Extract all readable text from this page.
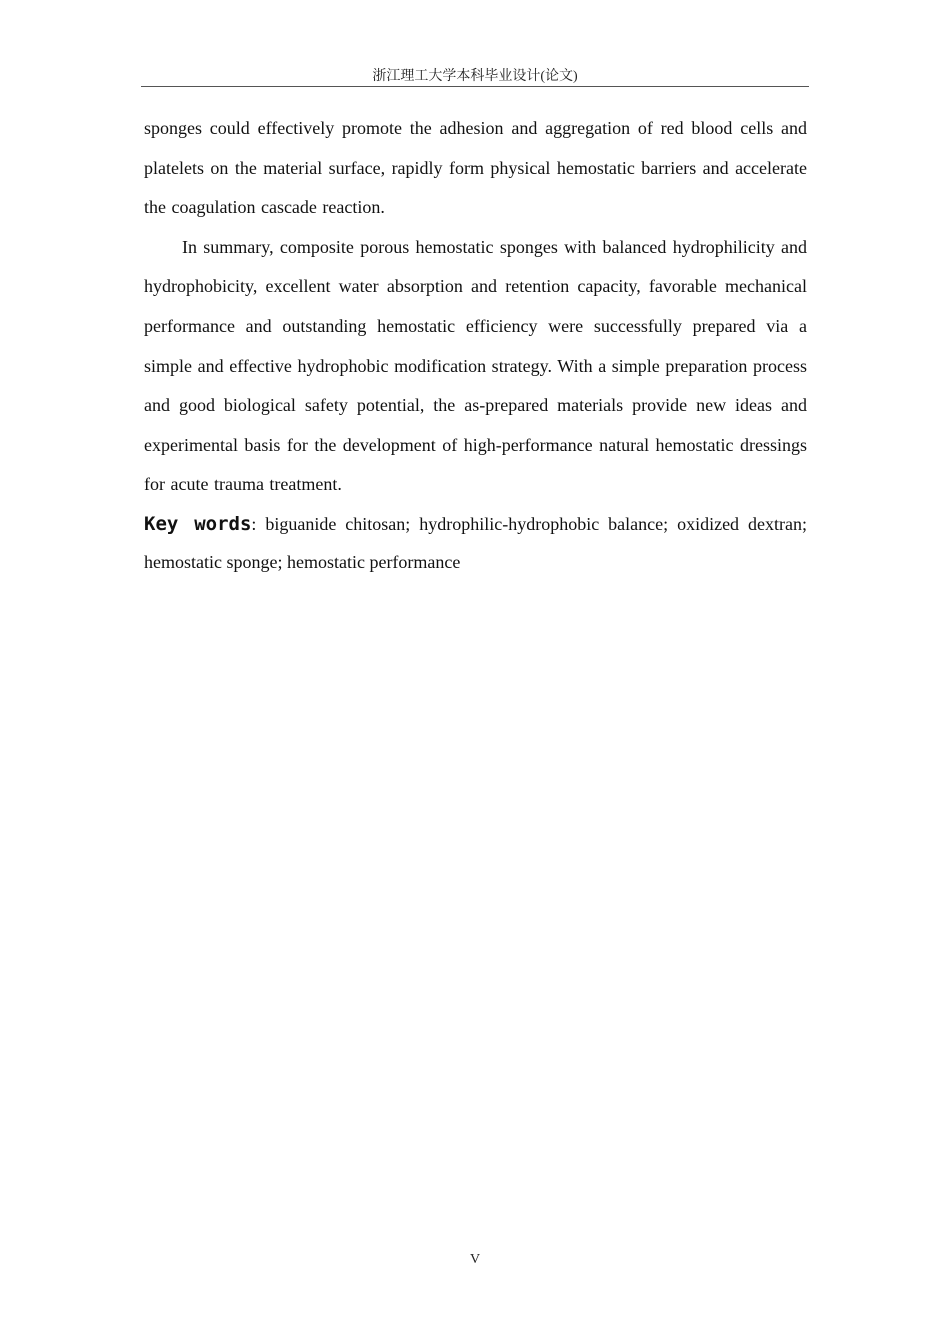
浙江理工大学本科毕业设计(论文)

sponges could effectively promote the adhesion and aggregation of red blood cells and platelets on the material surface, rapidly form physical hemostatic barriers and accelerate the coagulation cascade reaction.

In summary, composite porous hemostatic sponges with balanced hydrophilicity and hydrophobicity, excellent water absorption and retention capacity, favorable mechanical performance and outstanding hemostatic efficiency were successfully prepared via a simple and effective hydrophobic modification strategy. With a simple preparation process and good biological safety potential, the as-prepared materials provide new ideas and experimental basis for the development of high-performance natural hemostatic dressings for acute trauma treatment.

Key words: biguanide chitosan; hydrophilic-hydrophobic balance; oxidized dextran; hemostatic sponge; hemostatic performance

V
